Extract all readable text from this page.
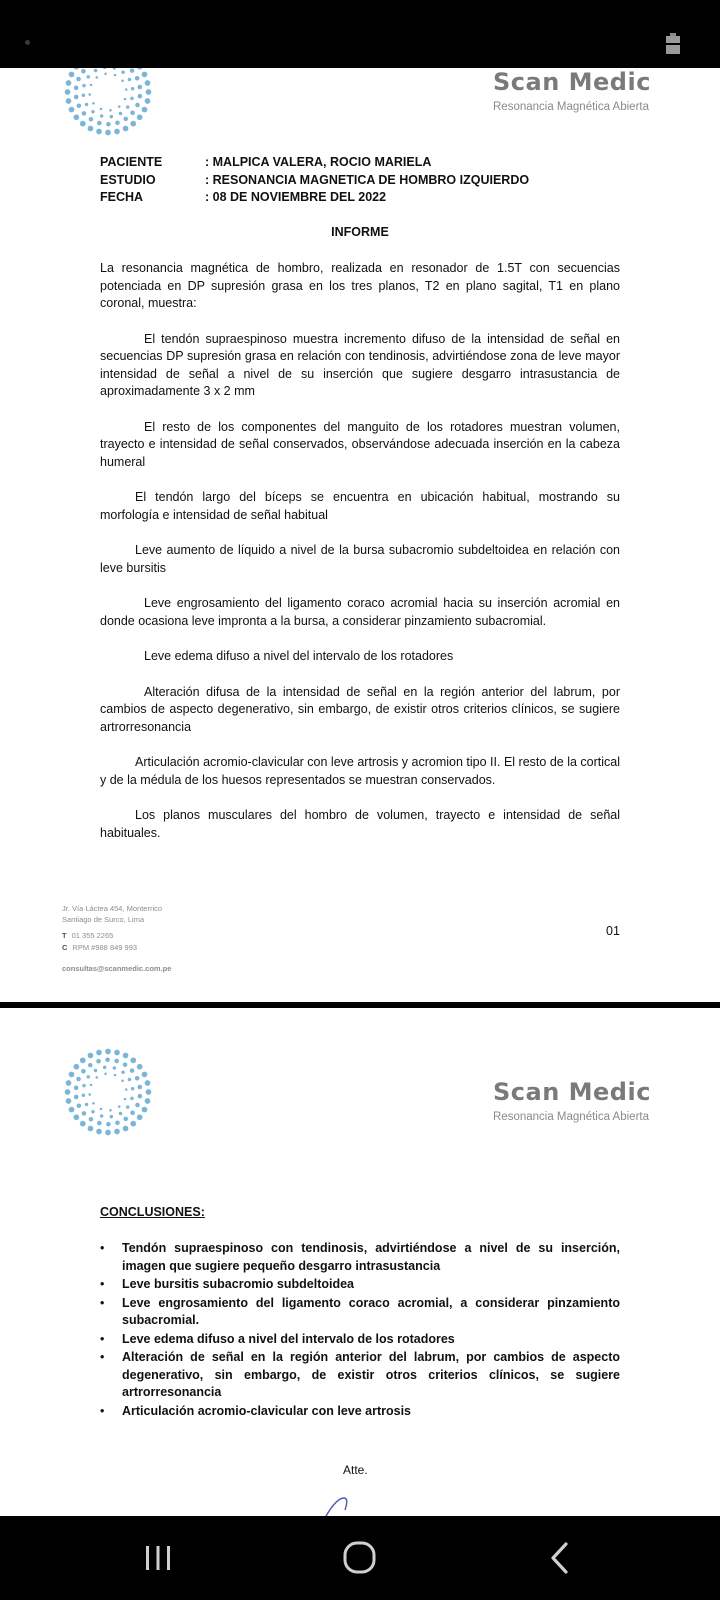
Scan Medic
Resonancia Magnética Abierta
PACIENTE	: MALPICA VALERA, ROCIO MARIELA
ESTUDIO	: RESONANCIA MAGNETICA DE HOMBRO IZQUIERDO
FECHA	: 08 DE NOVIEMBRE DEL 2022
INFORME

La resonancia magnética de hombro, realizada en resonador de 1.5T con secuencias potenciada en DP supresión grasa en los tres planos, T2 en plano sagital, T1 en plano coronal, muestra:

El tendón supraespinoso muestra incremento difuso de la intensidad de señal en secuencias DP supresión grasa en relación con tendinosis, advirtiéndose zona de leve mayor intensidad de señal a nivel de su inserción que sugiere desgarro intrasustancia de aproximadamente 3 x 2 mm

El resto de los componentes del manguito de los rotadores muestran volumen, trayecto e intensidad de señal conservados, observándose adecuada inserción en la cabeza humeral

El tendón largo del bíceps se encuentra en ubicación habitual, mostrando su morfología e intensidad de señal habitual

Leve aumento de líquido a nivel de la bursa subacromio subdeltoidea en relación con leve bursitis

Leve engrosamiento del ligamento coraco acromial hacia su inserción acromial en donde ocasiona leve impronta a la bursa, a considerar pinzamiento subacromial.

Leve edema difuso a nivel del intervalo de los rotadores

Alteración difusa de la intensidad de señal en la región anterior del labrum, por cambios de aspecto degenerativo, sin embargo, de existir otros criterios clínicos, se sugiere artrorresonancia

Articulación acromio-clavicular con leve artrosis y acromion tipo II. El resto de la cortical y de la médula de los huesos representados se muestran conservados.

Los planos musculares del hombro de volumen, trayecto e intensidad de señal habituales.

Jr. Vía Láctea 454, Monterrico
Santiago de Surco, Lima
T 01 355 2265
C RPM #988 849 993
consultas@scanmedic.com.pe
01
Scan Medic
Resonancia Magnética Abierta
CONCLUSIONES:
• Tendón supraespinoso con tendinosis, advirtiéndose a nivel de su inserción, imagen que sugiere pequeño desgarro intrasustancia
• Leve bursitis subacromio subdeltoidea
• Leve engrosamiento del ligamento coraco acromial, a considerar pinzamiento subacromial.
• Leve edema difuso a nivel del intervalo de los rotadores
• Alteración de señal en la región anterior del labrum, por cambios de aspecto degenerativo, sin embargo, de existir otros criterios clínicos, se sugiere artrorresonancia
• Articulación acromio-clavicular con leve artrosis
Atte.
